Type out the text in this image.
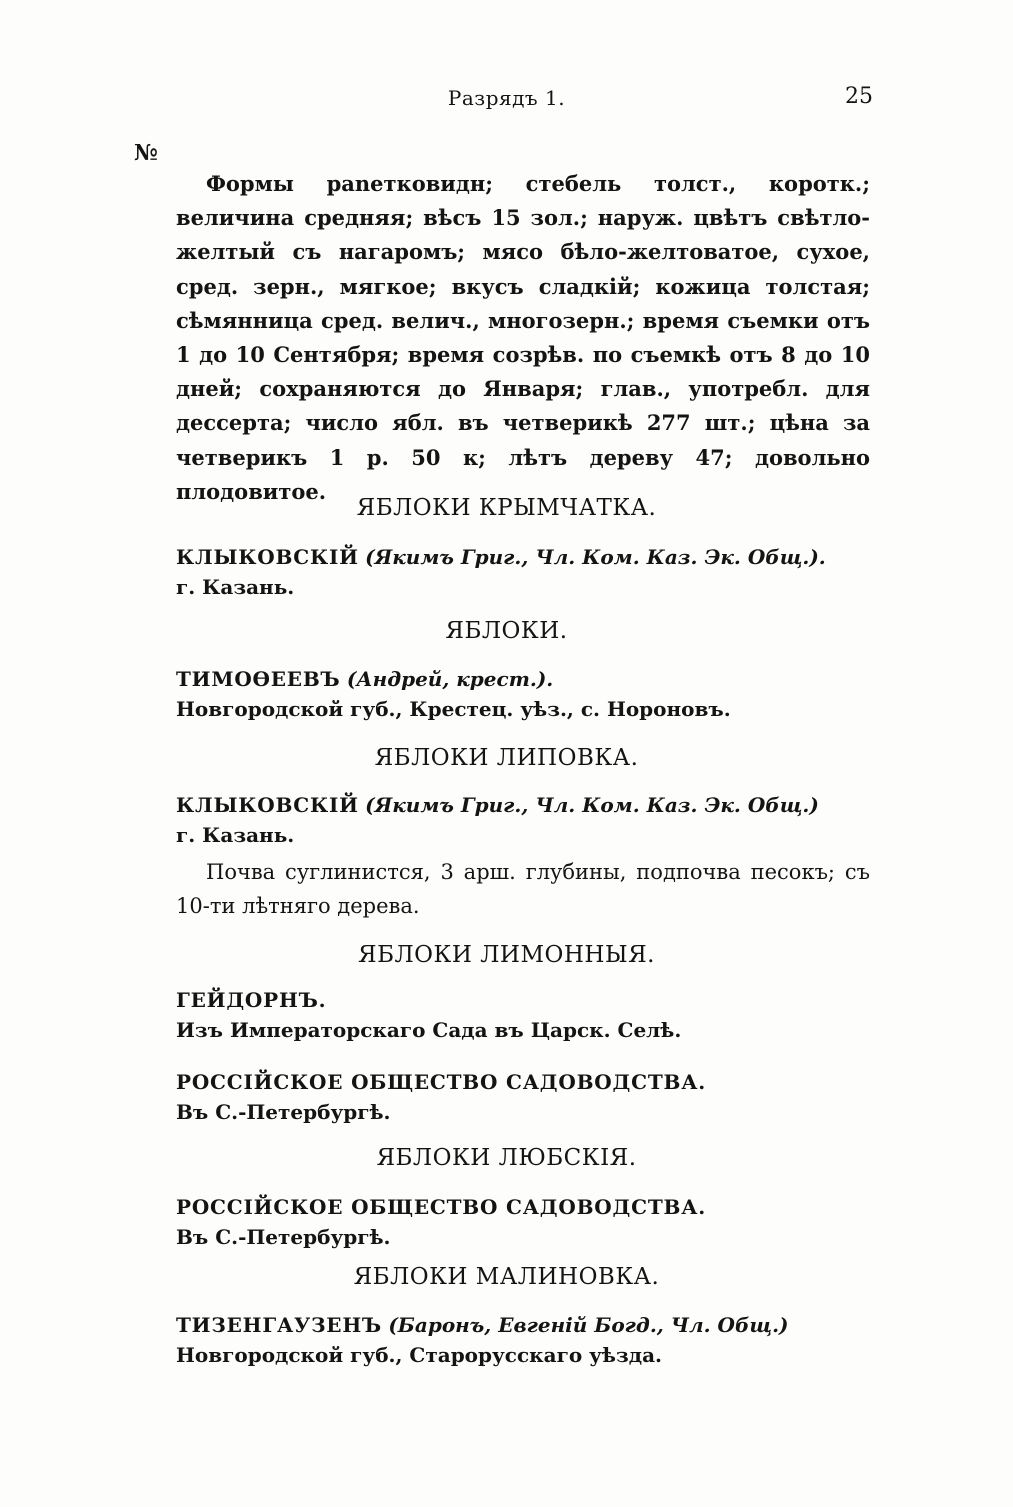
Разрядъ 1.	25
№
Формы раnетковидн; стебель толст., коротк.; величина средняя; вѣсъ 15 зол.; наруж. цвѣтъ свѣтло-желтый съ нагаромъ; мясо бѣло-желтоватое, сухое, сред. зерн., мягкое; вкусъ сладкій; кожица толстая; сѣмянница сред. велич., многозерн.; время съемки отъ 1 до 10 Сентября; время созрѣв. по съемкѣ отъ 8 до 10 дней; сохраняются до Января; глав., употребл. для дессерта; число ябл. въ четверикѣ 277 шт.; цѣна за четверикъ 1 р. 50 к; лѣтъ дереву 47; довольно плодовитое.
ЯБЛОКИ КРЫМЧАТКА.
КЛЫКОВСКІЙ (Якимъ Григ., Чл. Ком. Каз. Эк. Общ.).
г. Казань.
ЯБЛОКИ.
ТИМОѲЕЕВЪ (Андрей, крест.).
Новгородской губ., Крестец. уѣз., с. Нороновъ.
ЯБЛОКИ ЛИПОВКА.
КЛЫКОВСКІЙ (Якимъ Григ., Чл. Ком. Каз. Эк. Общ.)
г. Казань.
Почва суглинистся, 3 арш. глубины, подпочва песокъ; съ 10-ти лѣтняго дерева.
ЯБЛОКИ ЛИМОННЫЯ.
ГЕЙДОРНЪ.
Изъ Императорскаго Сада въ Царск. Селѣ.
РОССІЙСКОЕ ОБЩЕСТВО САДОВОДСТВА.
Въ С.-Петербургѣ.
ЯБЛОКИ ЛЮБСКІЯ.
РОССІЙСКОЕ ОБЩЕСТВО САДОВОДСТВА.
Въ С.-Петербургѣ.
ЯБЛОКИ МАЛИНОВКА.
ТИЗЕНГАУЗЕНЪ (Баронъ, Евгеній Богд., Чл. Общ.)
Новгородской губ., Старорусскаго уѣзда.
